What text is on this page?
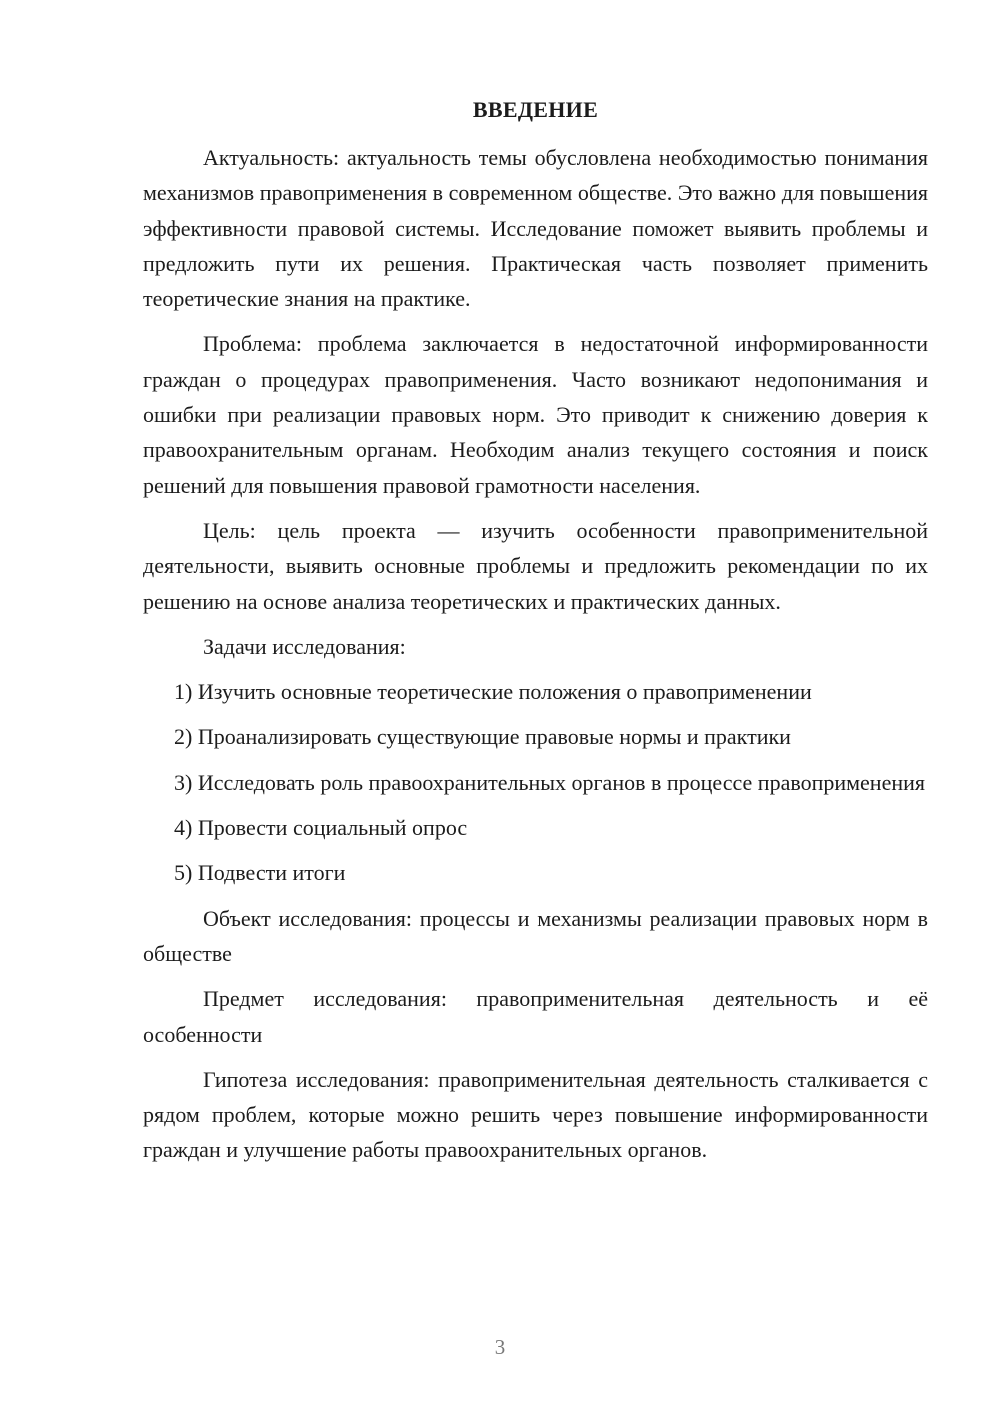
ВВЕДЕНИЕ

Актуальность: актуальность темы обусловлена необходимостью понимания механизмов правоприменения в современном обществе. Это важно для повышения эффективности правовой системы. Исследование поможет выявить проблемы и предложить пути их решения. Практическая часть позволяет применить теоретические знания на практике.

Проблема: проблема заключается в недостаточной информированности граждан о процедурах правоприменения. Часто возникают недопонимания и ошибки при реализации правовых норм. Это приводит к снижению доверия к правоохранительным органам. Необходим анализ текущего состояния и поиск решений для повышения правовой грамотности населения.

Цель: цель проекта — изучить особенности правоприменительной деятельности, выявить основные проблемы и предложить рекомендации по их решению на основе анализа теоретических и практических данных.

Задачи исследования:

1) Изучить основные теоретические положения о правоприменении

2) Проанализировать существующие правовые нормы и практики

3) Исследовать роль правоохранительных органов в процессе правоприменения

4) Провести социальный опрос

5) Подвести итоги

Объект исследования: процессы и механизмы реализации правовых норм в обществе

Предмет исследования: правоприменительная деятельность и её особенности

Гипотеза исследования: правоприменительная деятельность сталкивается с рядом проблем, которые можно решить через повышение информированности граждан и улучшение работы правоохранительных органов.

3
